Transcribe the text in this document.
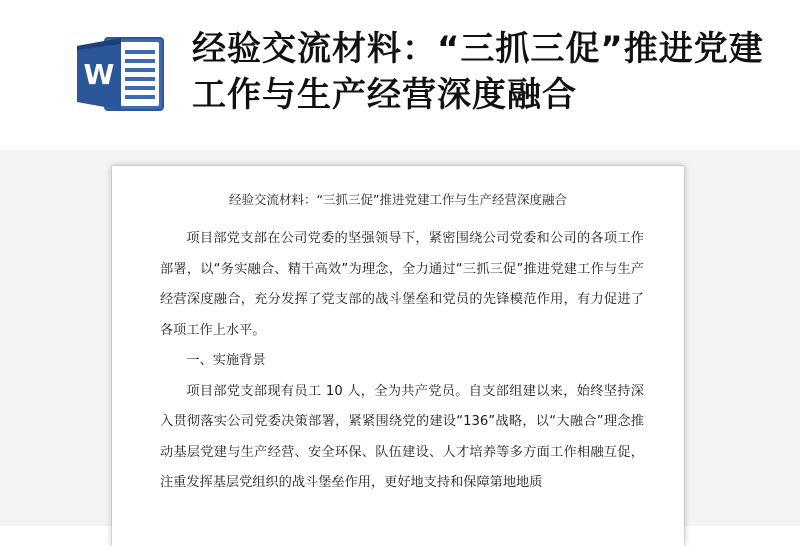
W
经验交流材料：“三抓三促”推进党建工作与生产经营深度融合
经验交流材料：“三抓三促”推进党建工作与生产经营深度融合

项目部党支部在公司党委的坚强领导下，紧密围绕公司党委和公司的各项工作部署，以“务实融合、精干高效”为理念，全力通过“三抓三促”推进党建工作与生产经营深度融合，充分发挥了党支部的战斗堡垒和党员的先锋模范作用，有力促进了各项工作上水平。

一、实施背景

项目部党支部现有员工 10 人，全为共产党员。自支部组建以来，始终坚持深入贯彻落实公司党委决策部署，紧紧围绕党的建设“136”战略，以“大融合”理念推动基层党建与生产经营、安全环保、队伍建设、人才培养等多方面工作相融互促，注重发挥基层党组织的战斗堡垒作用，更好地支持和保障第地地质
